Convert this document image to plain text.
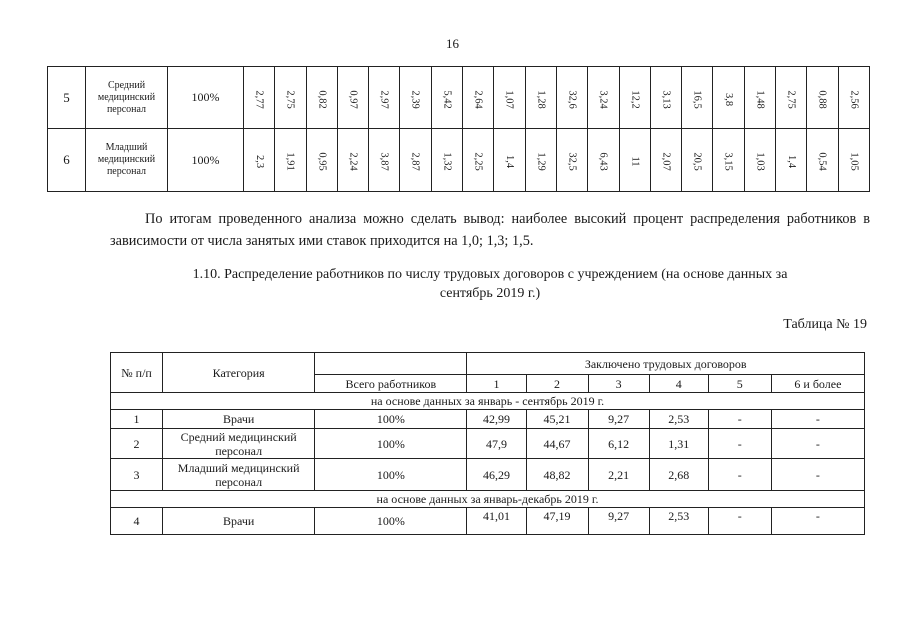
16
5	Средний
медицинский
персонал	100%	2,77	2,75	0,82	0,97	2,97	2,39	5,42	2,64	1,07	1,28	32,6	3,24	12,2	3,13	16,5	3,8	1,48	2,75	0,88	2,56
6	Младший
медицинский
персонал	100%	2,3	1,91	0,95	2,24	3,87	2,87	1,32	2,25	1,4	1,29	32,5	6,43	11	2,07	20,5	3,15	1,03	1,4	0,54	1,05
По итогам проведенного анализа можно сделать вывод: наиболее высокий процент распределения работников в зависимости от числа занятых ими ставок приходится на 1,0; 1,3; 1,5.
1.10. Распределение работников по числу трудовых договоров с учреждением (на основе данных за
сентябрь 2019 г.)
Таблица № 19
№ п/п	Категория		Заключено трудовых договоров					
		Всего работников	1	2	3	4	5	6 и более
на основе данных за январь - сентябрь 2019 г.								
1	Врачи	100%	42,99	45,21	9,27	2,53	-	-
2	Средний медицинский персонал	100%	47,9	44,67	6,12	1,31	-	-
3	Младший медицинский персонал	100%	46,29	48,82	2,21	2,68	-	-
на основе данных за январь-декабрь 2019 г.								
4	Врачи	100%	41,01	47,19	9,27	2,53	-	-
